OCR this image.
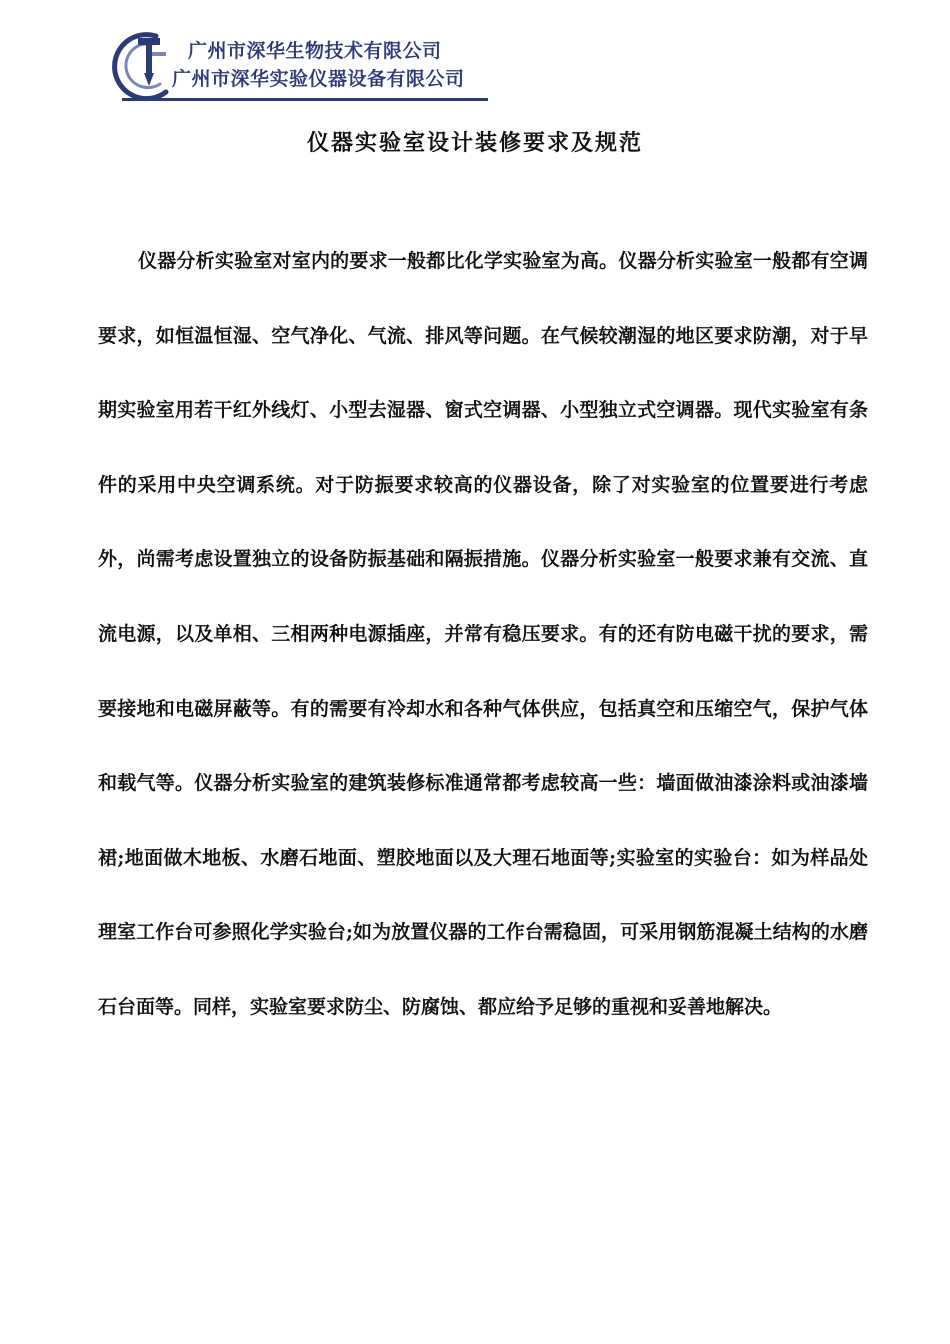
广州市深华生物技术有限公司
广州市深华实验仪器设备有限公司
仪器实验室设计装修要求及规范

仪器分析实验室对室内的要求一般都比化学实验室为高。仪器分析实验室一般都有空调要求，如恒温恒湿、空气净化、气流、排风等问题。在气候较潮湿的地区要求防潮，对于早期实验室用若干红外线灯、小型去湿器、窗式空调器、小型独立式空调器。现代实验室有条件的采用中央空调系统。对于防振要求较高的仪器设备，除了对实验室的位置要进行考虑外，尚需考虑设置独立的设备防振基础和隔振措施。仪器分析实验室一般要求兼有交流、直流电源，以及单相、三相两种电源插座，并常有稳压要求。有的还有防电磁干扰的要求，需要接地和电磁屏蔽等。有的需要有冷却水和各种气体供应，包括真空和压缩空气，保护气体和载气等。仪器分析实验室的建筑装修标准通常都考虑较高一些：墙面做油漆涂料或油漆墙裙;地面做木地板、水磨石地面、塑胶地面以及大理石地面等;实验室的实验台：如为样品处理室工作台可参照化学实验台;如为放置仪器的工作台需稳固，可采用钢筋混凝土结构的水磨石台面等。同样，实验室要求防尘、防腐蚀、都应给予足够的重视和妥善地解决。
